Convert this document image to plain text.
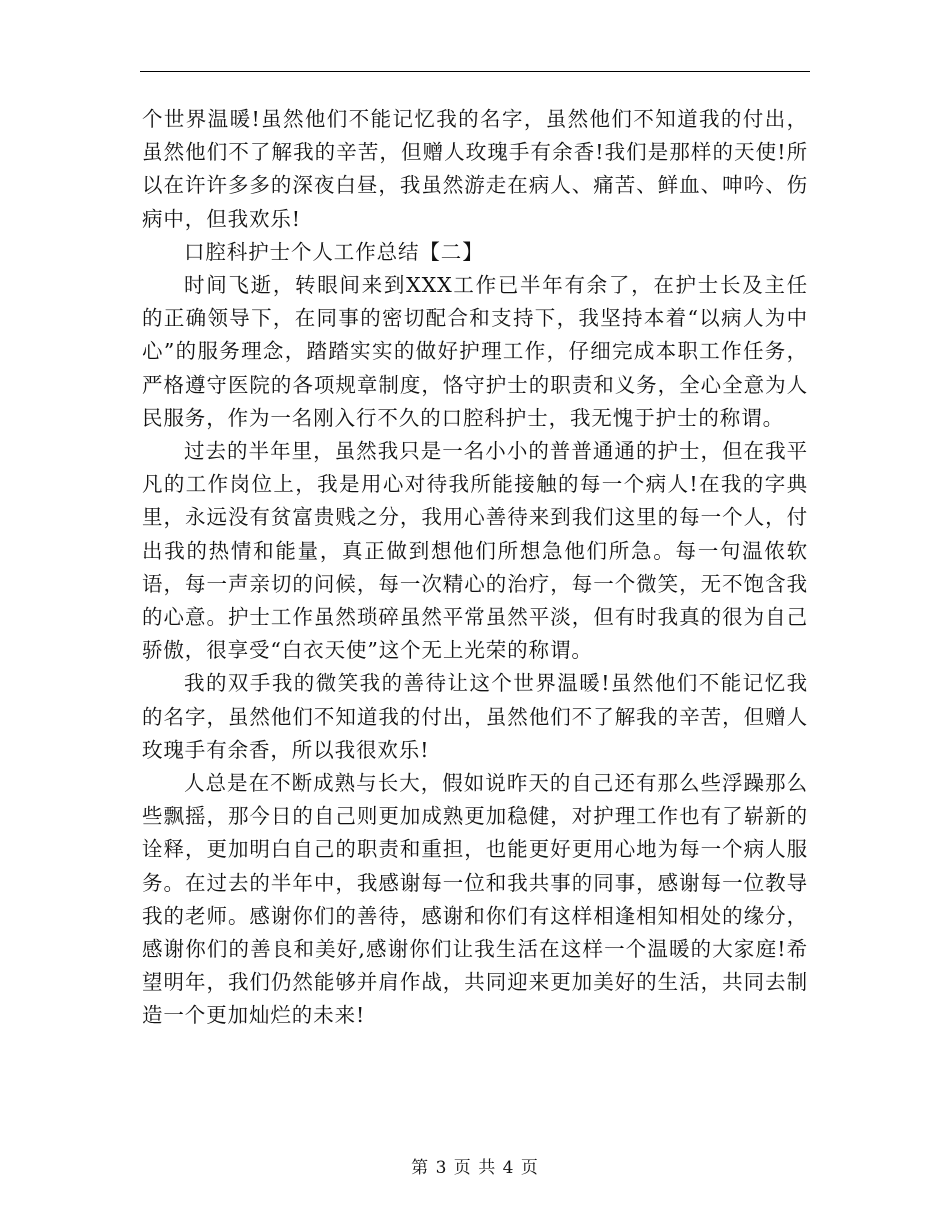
个世界温暖!虽然他们不能记忆我的名字，虽然他们不知道我的付出，虽然他们不了解我的辛苦，但赠人玫瑰手有余香!我们是那样的天使!所以在许许多多的深夜白昼，我虽然游走在病人、痛苦、鲜血、呻吟、伤病中，但我欢乐!

口腔科护士个人工作总结【二】

时间飞逝，转眼间来到XXX工作已半年有余了，在护士长及主任的正确领导下，在同事的密切配合和支持下，我坚持本着“以病人为中心”的服务理念，踏踏实实的做好护理工作，仔细完成本职工作任务，严格遵守医院的各项规章制度，恪守护士的职责和义务，全心全意为人民服务，作为一名刚入行不久的口腔科护士，我无愧于护士的称谓。

过去的半年里，虽然我只是一名小小的普普通通的护士，但在我平凡的工作岗位上，我是用心对待我所能接触的每一个病人!在我的字典里，永远没有贫富贵贱之分，我用心善待来到我们这里的每一个人，付出我的热情和能量，真正做到想他们所想急他们所急。每一句温侬软语，每一声亲切的问候，每一次精心的治疗，每一个微笑，无不饱含我的心意。护士工作虽然琐碎虽然平常虽然平淡，但有时我真的很为自己骄傲，很享受“白衣天使”这个无上光荣的称谓。

我的双手我的微笑我的善待让这个世界温暖!虽然他们不能记忆我的名字，虽然他们不知道我的付出，虽然他们不了解我的辛苦，但赠人玫瑰手有余香，所以我很欢乐!

人总是在不断成熟与长大，假如说昨天的自己还有那么些浮躁那么些飘摇，那今日的自己则更加成熟更加稳健，对护理工作也有了崭新的诠释，更加明白自己的职责和重担，也能更好更用心地为每一个病人服务。在过去的半年中，我感谢每一位和我共事的同事，感谢每一位教导我的老师。感谢你们的善待，感谢和你们有这样相逢相知相处的缘分，感谢你们的善良和美好,感谢你们让我生活在这样一个温暖的大家庭!希望明年，我们仍然能够并肩作战，共同迎来更加美好的生活，共同去制造一个更加灿烂的未来!

第 3 页 共 4 页
